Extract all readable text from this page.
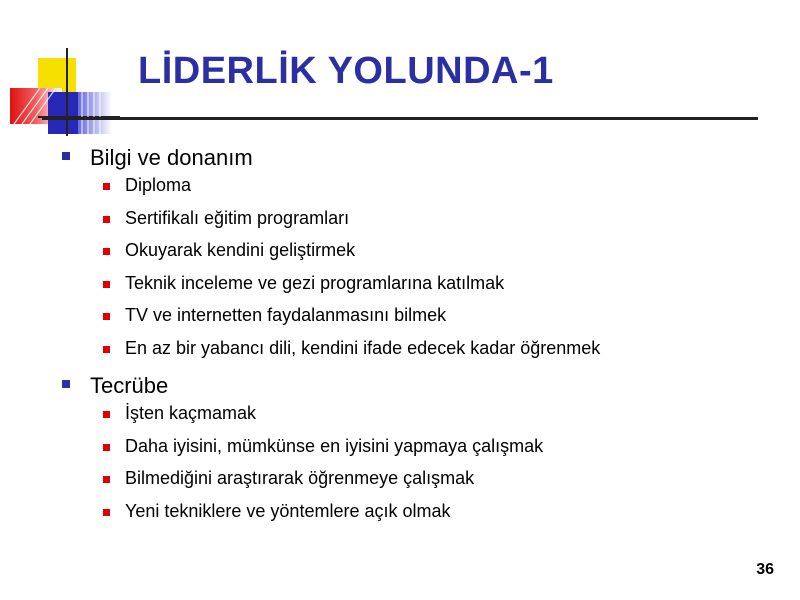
LİDERLİK YOLUNDA-1
Bilgi ve donanım
Diploma
Sertifikalı eğitim programları
Okuyarak kendini geliştirmek
Teknik inceleme ve gezi programlarına katılmak
TV ve internetten faydalanmasını bilmek
En az bir yabancı dili, kendini ifade edecek kadar öğrenmek
Tecrübe
İşten kaçmamak
Daha iyisini, mümkünse en iyisini yapmaya çalışmak
Bilmediğini araştırarak öğrenmeye çalışmak
Yeni tekniklere ve yöntemlere açık olmak
36
